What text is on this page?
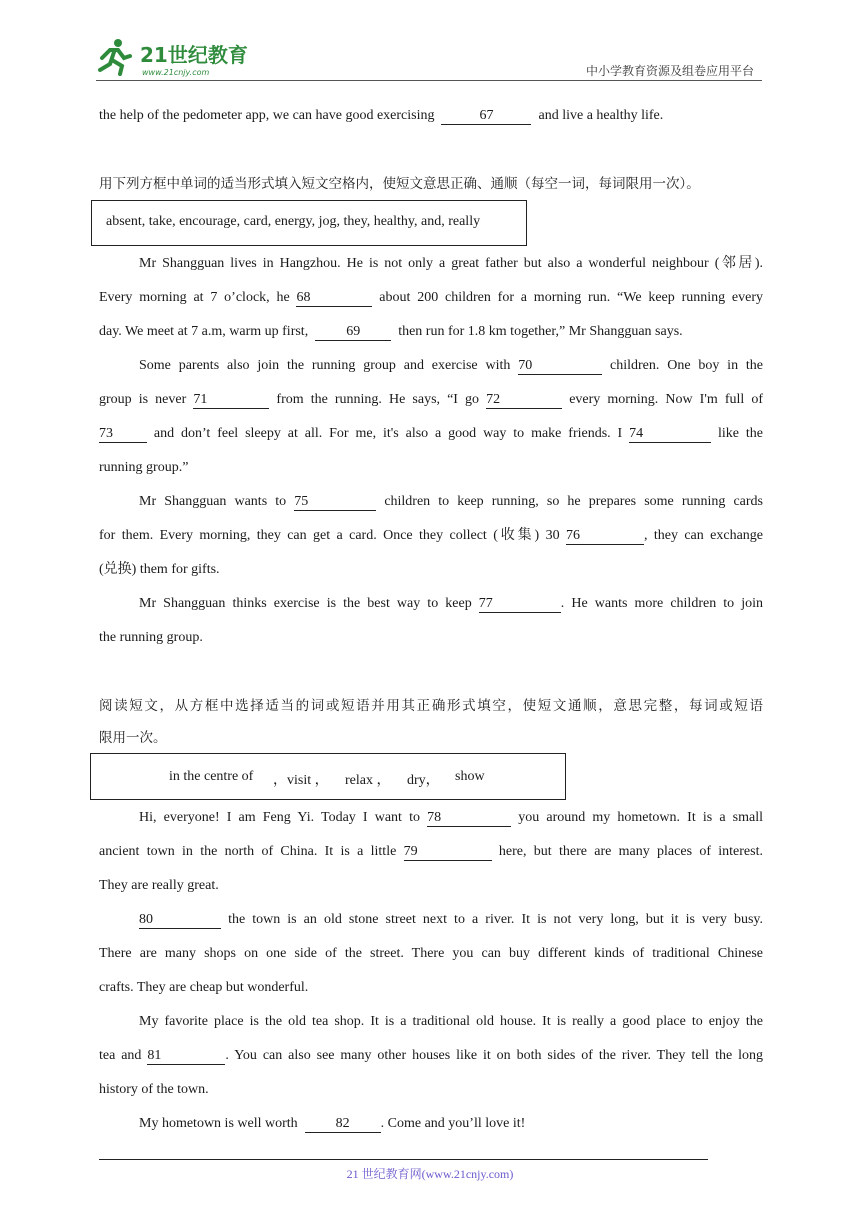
21世纪教育
www.21cnjy.com	中小学教育资源及组卷应用平台
the help of the pedometer app, we can have good exercising	67	and live a healthy life.
用下列方框中单词的适当形式填入短文空格内，使短文意思正确、通顺（每空一词，每词限用一次）。
absent, take, encourage, card, energy, jog, they, healthy, and, really
Mr Shangguan lives in Hangzhou. He is not only a great father but also a wonderful neighbour (邻居).
Every morning at 7 o’clock, he 68	about 200 children for a morning run. “We keep running every
day. We meet at 7 a.m, warm up first,	69	then run for 1.8 km together,” Mr Shangguan says.
Some parents also join the running group and exercise with 70	children. One boy in the
group is never 71	from the running. He says, “I go 72	every morning. Now I'm full of
73	and don’t feel sleepy at all. For me, it's also a good way to make friends. I 74	like the
running group.”
Mr Shangguan wants to 75	children to keep running, so he prepares some running cards
for them. Every morning, they can get a card. Once they collect (收集) 30 76	, they can exchange
(兑换) them for gifts.
Mr Shangguan thinks exercise is the best way to keep 77	. He wants more children to join
the running group.
阅读短文，从方框中选择适当的词或短语并用其正确形式填空，使短文通顺，意思完整，每词或短语
限用一次。
in the centre of ，visit ， relax ， dry， show
Hi, everyone! I am Feng Yi. Today I want to 78	you around my hometown. It is a small
ancient town in the north of China. It is a little 79	here, but there are many places of interest.
They are really great.
80	the town is an old stone street next to a river. It is not very long, but it is very busy.
There are many shops on one side of the street. There you can buy different kinds of traditional Chinese
crafts. They are cheap but wonderful.
My favorite place is the old tea shop. It is a traditional old house. It is really a good place to enjoy the
tea and 81	. You can also see many other houses like it on both sides of the river. They tell the long
history of the town.
My hometown is well worth	82 . Come and you’ll love it!
21 世纪教育网(www.21cnjy.com)
